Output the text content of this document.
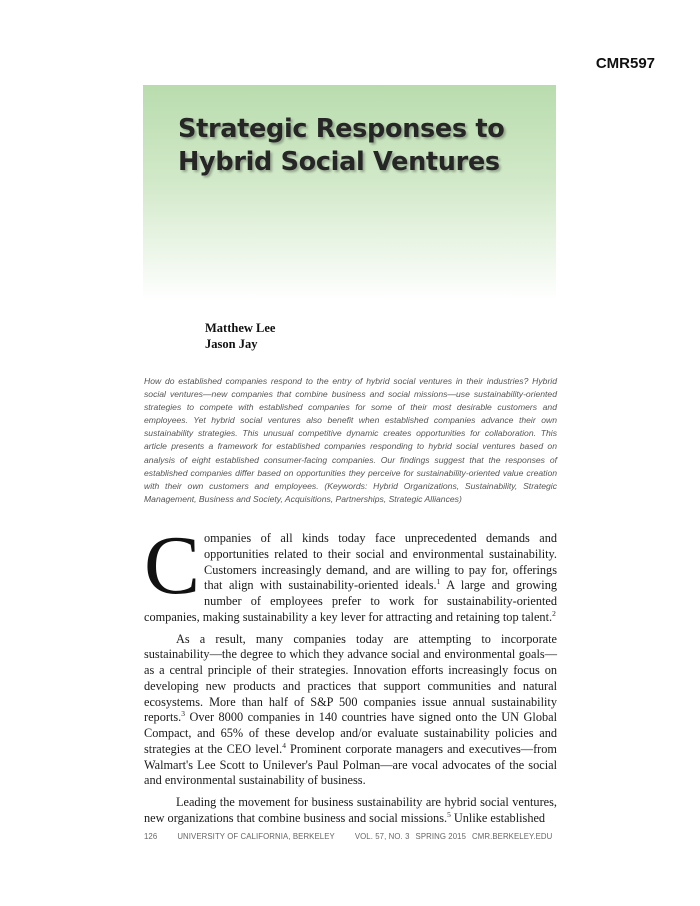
CMR597
Strategic Responses to
Hybrid Social Ventures
Matthew Lee
Jason Jay

How do established companies respond to the entry of hybrid social ventures in their industries? Hybrid social ventures—new companies that combine business and social missions—use sustainability-oriented strategies to compete with established companies for some of their most desirable customers and employees. Yet hybrid social ventures also benefit when established companies advance their own sustainability strategies. This unusual competitive dynamic creates opportunities for collaboration. This article presents a framework for established companies responding to hybrid social ventures based on analysis of eight established consumer-facing companies. Our findings suggest that the responses of established companies differ based on opportunities they perceive for sustainability-oriented value creation with their own customers and employees. (Keywords: Hybrid Organizations, Sustainability, Strategic Management, Business and Society, Acquisitions, Partnerships, Strategic Alliances)

Companies of all kinds today face unprecedented demands and opportunities related to their social and environmental sustainability. Customers increasingly demand, and are willing to pay for, offerings that align with sustainability-oriented ideals.$^1$ A large and growing number of employees prefer to work for sustainability-oriented companies, making sustainability a key lever for attracting and retaining top talent.$^2$

As a result, many companies today are attempting to incorporate sustainability—the degree to which they advance social and environmental goals—as a central principle of their strategies. Innovation efforts increasingly focus on developing new products and practices that support communities and natural ecosystems. More than half of S&P 500 companies issue annual sustainability reports.$^3$ Over 8000 companies in 140 countries have signed onto the UN Global Compact, and 65% of these develop and/or evaluate sustainability policies and strategies at the CEO level.$^4$ Prominent corporate managers and executives—from Walmart's Lee Scott to Unilever's Paul Polman—are vocal advocates of the social and environmental sustainability of business.

Leading the movement for business sustainability are hybrid social ventures, new organizations that combine business and social missions.$^5$ Unlike established

126	UNIVERSITY OF CALIFORNIA, BERKELEY	VOL. 57, NO. 3 SPRING 2015 CMR.BERKELEY.EDU
